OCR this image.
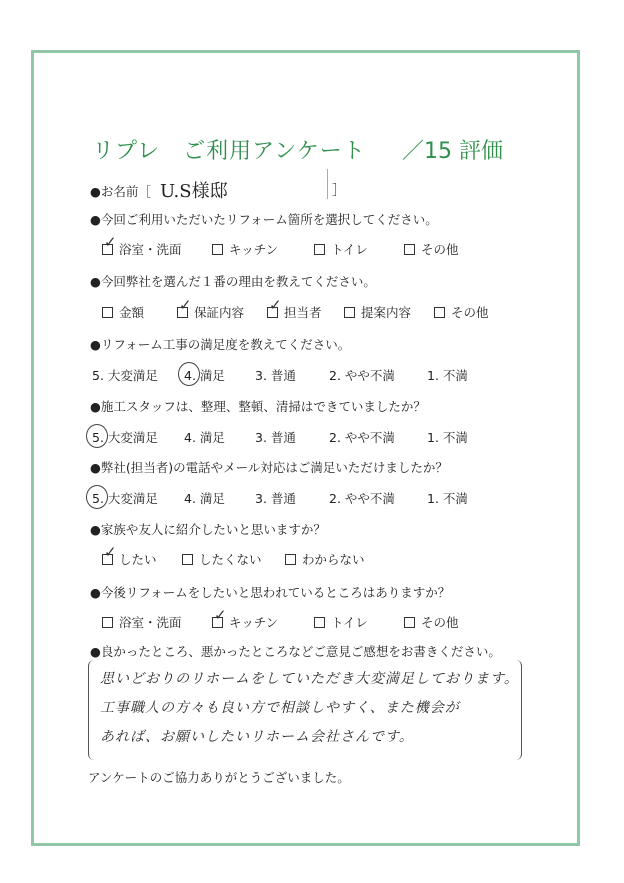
リプレ　ご利用アンケート ／15 評価
●お名前［ U.S様邸	］
●今回ご利用いただいたリフォーム箇所を選択してください。
✓ 浴室・洗面	キッチン	トイレ	その他
●今回弊社を選んだ１番の理由を教えてください。
金額 ✓ 保証内容 ✓ 担当者	提案内容	その他
●リフォーム工事の満足度を教えてください。
5. 大変満足 4. 満足 3. 普通	2. やや不満	1. 不満
●施工スタッフは、整理、整頓、清掃はできていましたか？
5. 大変満足 4. 満足 3. 普通	2. やや不満	1. 不満
●弊社(担当者)の電話やメール対応はご満足いただけましたか？
5. 大変満足 4. 満足 3. 普通	2. やや不満	1. 不満
●家族や友人に紹介したいと思いますか？
✓ したい	したくない	わからない
●今後リフォームをしたいと思われているところはありますか？
浴室・洗面 ✓ キッチン	トイレ	その他
●良かったところ、悪かったところなどご意見ご感想をお書きください。
思いどおりのリホームをしていただき大変満足しております。
工事職人の方々も良い方で相談しやすく、また機会が
あれば、お願いしたいリホーム会社さんです。
アンケートのご協力ありがとうございました。
